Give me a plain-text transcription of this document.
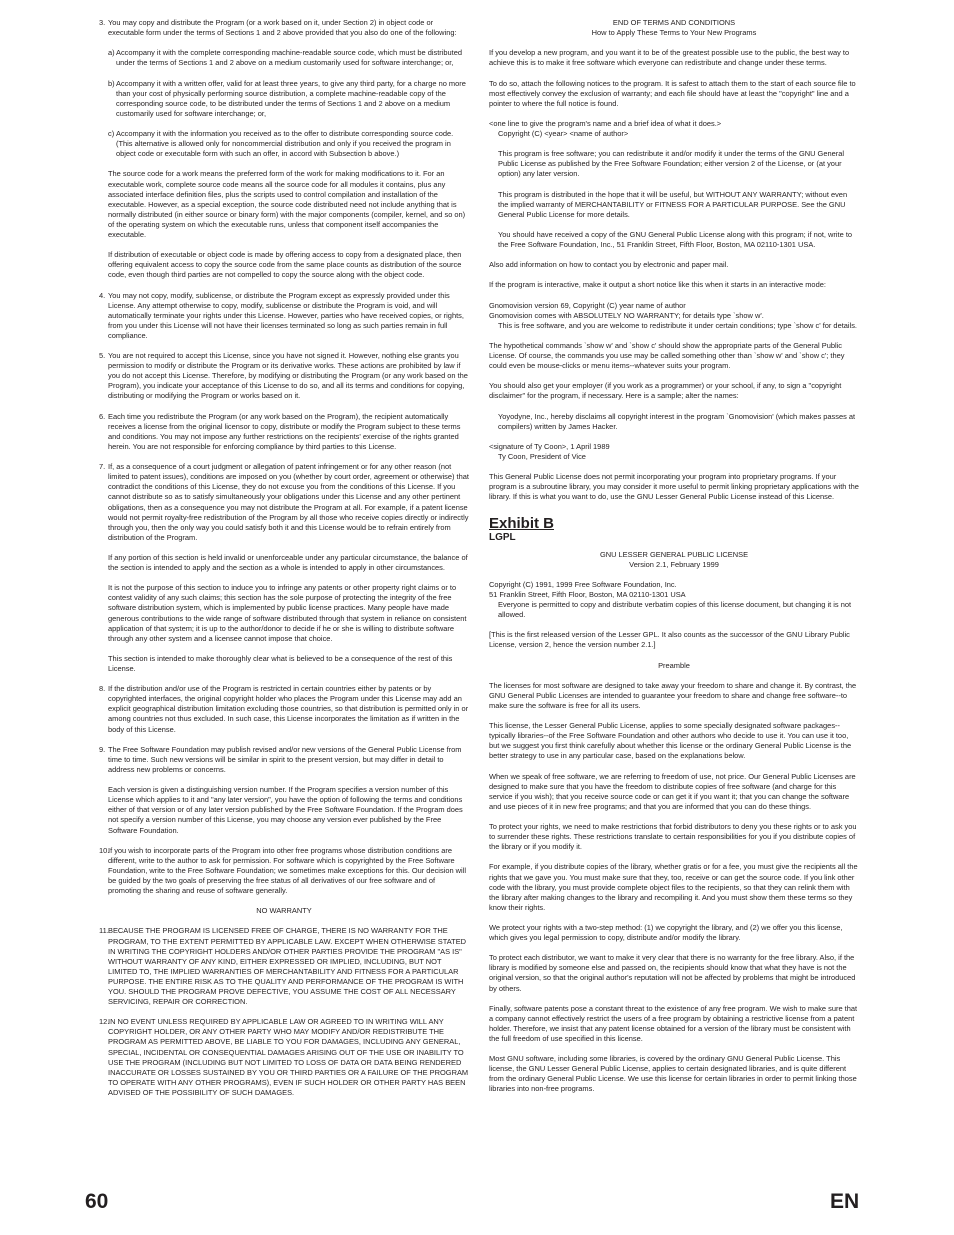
3. You may copy and distribute the Program (or a work based on it, under Section 2) in object code or executable form under the terms of Sections 1 and 2 above provided that you also do one of the following:
a) Accompany it with the complete corresponding machine-readable source code, which must be distributed under the terms of Sections 1 and 2 above on a medium customarily used for software interchange; or,
b) Accompany it with a written offer, valid for at least three years, to give any third party, for a charge no more than your cost of physically performing source distribution, a complete machine-readable copy of the corresponding source code, to be distributed under the terms of Sections 1 and 2 above on a medium customarily used for software interchange; or,
c) Accompany it with the information you received as to the offer to distribute corresponding source code. (This alternative is allowed only for noncommercial distribution and only if you received the program in object code or executable form with such an offer, in accord with Subsection b above.)

The source code for a work means the preferred form of the work for making modifications to it. For an executable work, complete source code means all the source code for all modules it contains, plus any associated interface definition files, plus the scripts used to control compilation and installation of the executable. However, as a special exception, the source code distributed need not include anything that is normally distributed (in either source or binary form) with the major components (compiler, kernel, and so on) of the operating system on which the executable runs, unless that component itself accompanies the executable.

If distribution of executable or object code is made by offering access to copy from a designated place, then offering equivalent access to copy the source code from the same place counts as distribution of the source code, even though third parties are not compelled to copy the source along with the object code.

4. You may not copy, modify, sublicense, or distribute the Program except as expressly provided under this License. Any attempt otherwise to copy, modify, sublicense or distribute the Program is void, and will automatically terminate your rights under this License. However, parties who have received copies, or rights, from you under this License will not have their licenses terminated so long as such parties remain in full compliance.
5. You are not required to accept this License, since you have not signed it. However, nothing else grants you permission to modify or distribute the Program or its derivative works. These actions are prohibited by law if you do not accept this License. Therefore, by modifying or distributing the Program (or any work based on the Program), you indicate your acceptance of this License to do so, and all its terms and conditions for copying, distributing or modifying the Program or works based on it.
6. Each time you redistribute the Program (or any work based on the Program), the recipient automatically receives a license from the original licensor to copy, distribute or modify the Program subject to these terms and conditions. You may not impose any further restrictions on the recipients' exercise of the rights granted herein. You are not responsible for enforcing compliance by third parties to this License.
7. If, as a consequence of a court judgment or allegation of patent infringement or for any other reason (not limited to patent issues), conditions are imposed on you (whether by court order, agreement or otherwise) that contradict the conditions of this License, they do not excuse you from the conditions of this License. If you cannot distribute so as to satisfy simultaneously your obligations under this License and any other pertinent obligations, then as a consequence you may not distribute the Program at all. For example, if a patent license would not permit royalty-free redistribution of the Program by all those who receive copies directly or indirectly through you, then the only way you could satisfy both it and this License would be to refrain entirely from distribution of the Program.

If any portion of this section is held invalid or unenforceable under any particular circumstance, the balance of the section is intended to apply and the section as a whole is intended to apply in other circumstances.

It is not the purpose of this section to induce you to infringe any patents or other property right claims or to contest validity of any such claims; this section has the sole purpose of protecting the integrity of the free software distribution system, which is implemented by public license practices. Many people have made generous contributions to the wide range of software distributed through that system in reliance on consistent application of that system; it is up to the author/donor to decide if he or she is willing to distribute software through any other system and a licensee cannot impose that choice.

This section is intended to make thoroughly clear what is believed to be a consequence of the rest of this License.

8. If the distribution and/or use of the Program is restricted in certain countries either by patents or by copyrighted interfaces, the original copyright holder who places the Program under this License may add an explicit geographical distribution limitation excluding those countries, so that distribution is permitted only in or among countries not thus excluded. In such case, this License incorporates the limitation as if written in the body of this License.
9. The Free Software Foundation may publish revised and/or new versions of the General Public License from time to time. Such new versions will be similar in spirit to the present version, but may differ in detail to address new problems or concerns.

Each version is given a distinguishing version number. If the Program specifies a version number of this License which applies to it and "any later version", you have the option of following the terms and conditions either of that version or of any later version published by the Free Software Foundation. If the Program does not specify a version number of this License, you may choose any version ever published by the Free Software Foundation.

10.
If you wish to incorporate parts of the Program into other free programs whose distribution conditions are different, write to the author to ask for permission. For software which is copyrighted by the Free Software Foundation, write to the Free Software Foundation; we sometimes make exceptions for this. Our decision will be guided by the two goals of preserving the free status of all derivatives of our free software and of promoting the sharing and reuse of software generally.

NO WARRANTY

11. BECAUSE THE PROGRAM IS LICENSED FREE OF CHARGE, THERE IS NO WARRANTY FOR THE PROGRAM, TO THE EXTENT PERMITTED BY APPLICABLE LAW. EXCEPT WHEN OTHERWISE STATED IN WRITING THE COPYRIGHT HOLDERS AND/OR OTHER PARTIES PROVIDE THE PROGRAM "AS IS" WITHOUT WARRANTY OF ANY KIND, EITHER EXPRESSED OR IMPLIED, INCLUDING, BUT NOT LIMITED TO, THE IMPLIED WARRANTIES OF MERCHANTABILITY AND FITNESS FOR A PARTICULAR PURPOSE. THE ENTIRE RISK AS TO THE QUALITY AND PERFORMANCE OF THE PROGRAM IS WITH YOU. SHOULD THE PROGRAM PROVE DEFECTIVE, YOU ASSUME THE COST OF ALL NECESSARY SERVICING, REPAIR OR CORRECTION.
12.
IN NO EVENT UNLESS REQUIRED BY APPLICABLE LAW OR AGREED TO IN WRITING WILL ANY COPYRIGHT HOLDER, OR ANY OTHER PARTY WHO MAY MODIFY AND/OR REDISTRIBUTE THE PROGRAM AS PERMITTED ABOVE, BE LIABLE TO YOU FOR DAMAGES, INCLUDING ANY GENERAL, SPECIAL, INCIDENTAL OR CONSEQUENTIAL DAMAGES ARISING OUT OF THE USE OR INABILITY TO USE THE PROGRAM (INCLUDING BUT NOT LIMITED TO LOSS OF DATA OR DATA BEING RENDERED INACCURATE OR LOSSES SUSTAINED BY YOU OR THIRD PARTIES OR A FAILURE OF THE PROGRAM TO OPERATE WITH ANY OTHER PROGRAMS), EVEN IF SUCH HOLDER OR OTHER PARTY HAS BEEN ADVISED OF THE POSSIBILITY OF SUCH DAMAGES.
END OF TERMS AND CONDITIONS

How to Apply These Terms to Your New Programs

If you develop a new program, and you want it to be of the greatest possible use to the public, the best way to achieve this is to make it free software which everyone can redistribute and change under these terms.

To do so, attach the following notices to the program. It is safest to attach them to the start of each source file to most effectively convey the exclusion of warranty; and each file should have at least the "copyright" line and a pointer to where the full notice is found.

<one line to give the program's name and a brief idea of what it does.>

Copyright (C) <year> <name of author>

This program is free software; you can redistribute it and/or modify it under the terms of the GNU General Public License as published by the Free Software Foundation; either version 2 of the License, or (at your option) any later version.

This program is distributed in the hope that it will be useful, but WITHOUT ANY WARRANTY; without even the implied warranty of MERCHANTABILITY or FITNESS FOR A PARTICULAR PURPOSE. See the GNU General Public License for more details.

You should have received a copy of the GNU General Public License along with this program; if not, write to the Free Software Foundation, Inc., 51 Franklin Street, Fifth Floor, Boston, MA 02110-1301 USA.

Also add information on how to contact you by electronic and paper mail.

If the program is interactive, make it output a short notice like this when it starts in an interactive mode:

Gnomovision version 69, Copyright (C) year name of author
Gnomovision comes with ABSOLUTELY NO WARRANTY; for details type `show w'.

This is free software, and you are welcome to redistribute it under certain conditions; type `show c' for details.

The hypothetical commands `show w' and `show c' should show the appropriate parts of the General Public License. Of course, the commands you use may be called something other than `show w' and `show c'; they could even be mouse-clicks or menu items--whatever suits your program.

You should also get your employer (if you work as a programmer) or your school, if any, to sign a "copyright disclaimer" for the program, if necessary. Here is a sample; alter the names:

Yoyodyne, Inc., hereby disclaims all copyright interest in the program `Gnomovision' (which makes passes at compilers) written by James Hacker.

<signature of Ty Coon>, 1 April 1989

Ty Coon, President of Vice

This General Public License does not permit incorporating your program into proprietary programs. If your program is a subroutine library, you may consider it more useful to permit linking proprietary applications with the library. If this is what you want to do, use the GNU Lesser General Public License instead of this License.

Exhibit B
LGPL
GNU LESSER GENERAL PUBLIC LICENSE

Version 2.1, February 1999

Copyright (C) 1991, 1999 Free Software Foundation, Inc.
51 Franklin Street, Fifth Floor, Boston, MA 02110-1301 USA

Everyone is permitted to copy and distribute verbatim copies of this license document, but changing it is not allowed.

[This is the first released version of the Lesser GPL. It also counts as the successor of the GNU Library Public License, version 2, hence the version number 2.1.]

Preamble

The licenses for most software are designed to take away your freedom to share and change it. By contrast, the GNU General Public Licenses are intended to guarantee your freedom to share and change free software--to make sure the software is free for all its users.

This license, the Lesser General Public License, applies to some specially designated software packages--typically libraries--of the Free Software Foundation and other authors who decide to use it. You can use it too, but we suggest you first think carefully about whether this license or the ordinary General Public License is the better strategy to use in any particular case, based on the explanations below.

When we speak of free software, we are referring to freedom of use, not price. Our General Public Licenses are designed to make sure that you have the freedom to distribute copies of free software (and charge for this service if you wish); that you receive source code or can get it if you want it; that you can change the software and use pieces of it in new free programs; and that you are informed that you can do these things.

To protect your rights, we need to make restrictions that forbid distributors to deny you these rights or to ask you to surrender these rights. These restrictions translate to certain responsibilities for you if you distribute copies of the library or if you modify it.

For example, if you distribute copies of the library, whether gratis or for a fee, you must give the recipients all the rights that we gave you. You must make sure that they, too, receive or can get the source code. If you link other code with the library, you must provide complete object files to the recipients, so that they can relink them with the library after making changes to the library and recompiling it. And you must show them these terms so they know their rights.

We protect your rights with a two-step method: (1) we copyright the library, and (2) we offer you this license, which gives you legal permission to copy, distribute and/or modify the library.

To protect each distributor, we want to make it very clear that there is no warranty for the free library. Also, if the library is modified by someone else and passed on, the recipients should know that what they have is not the original version, so that the original author's reputation will not be affected by problems that might be introduced by others.

Finally, software patents pose a constant threat to the existence of any free program. We wish to make sure that a company cannot effectively restrict the users of a free program by obtaining a restrictive license from a patent holder. Therefore, we insist that any patent license obtained for a version of the library must be consistent with the full freedom of use specified in this license.

Most GNU software, including some libraries, is covered by the ordinary GNU General Public License. This license, the GNU Lesser General Public License, applies to certain designated libraries, and is quite different from the ordinary General Public License. We use this license for certain libraries in order to permit linking those libraries into non-free programs.

60	EN
